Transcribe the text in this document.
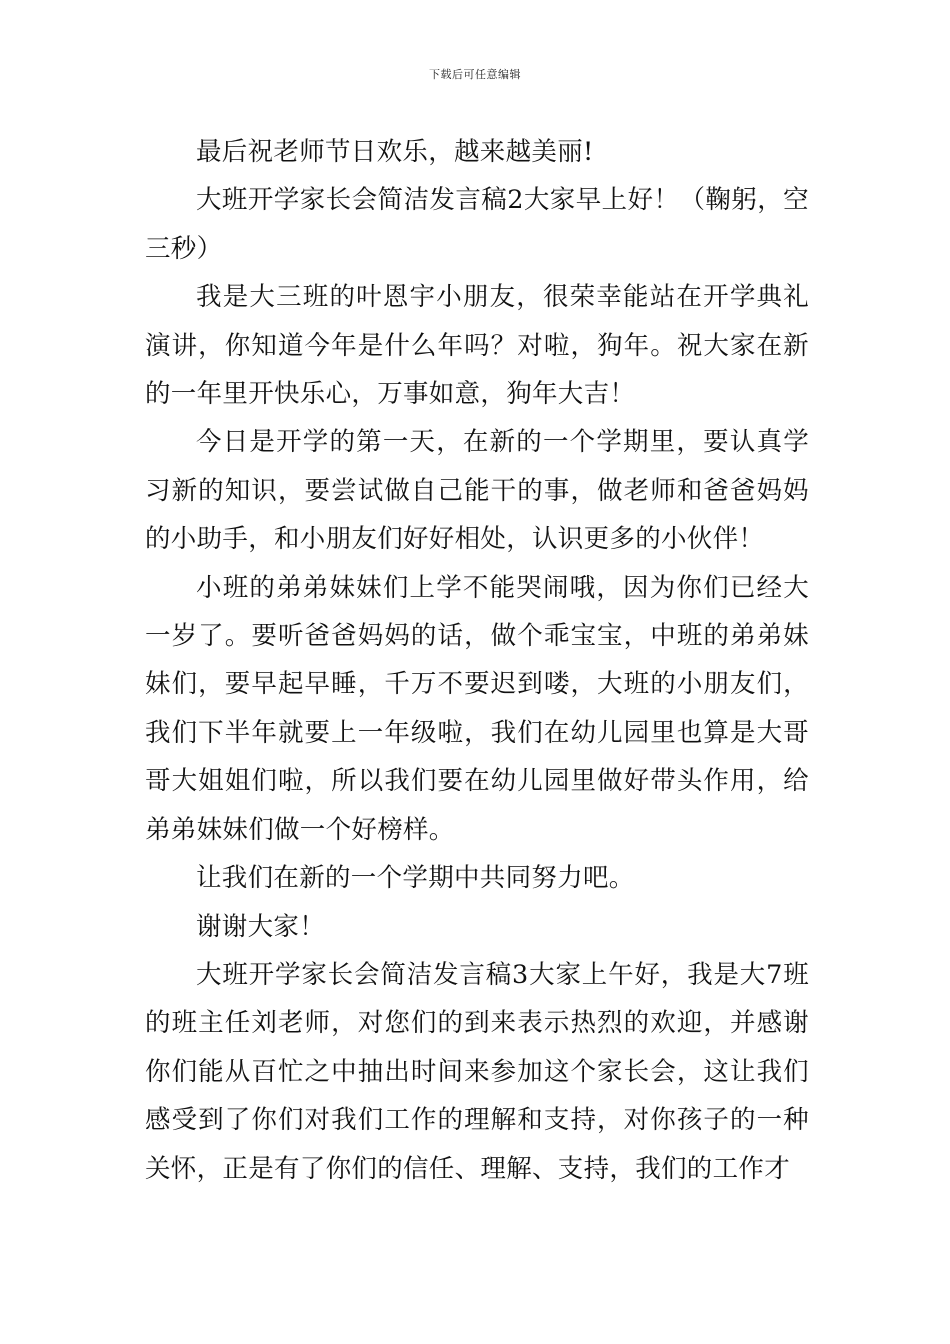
下载后可任意编辑

最后祝老师节日欢乐，越来越美丽!

大班开学家长会简洁发言稿2大家早上好！（鞠躬，空三秒）

我是大三班的叶恩宇小朋友，很荣幸能站在开学典礼演讲，你知道今年是什么年吗？对啦，狗年。祝大家在新的一年里开快乐心，万事如意，狗年大吉！

今日是开学的第一天，在新的一个学期里，要认真学习新的知识，要尝试做自己能干的事，做老师和爸爸妈妈的小助手，和小朋友们好好相处，认识更多的小伙伴！

小班的弟弟妹妹们上学不能哭闹哦，因为你们已经大一岁了。要听爸爸妈妈的话，做个乖宝宝，中班的弟弟妹妹们，要早起早睡，千万不要迟到喽，大班的小朋友们，我们下半年就要上一年级啦，我们在幼儿园里也算是大哥哥大姐姐们啦，所以我们要在幼儿园里做好带头作用，给弟弟妹妹们做一个好榜样。

让我们在新的一个学期中共同努力吧。

谢谢大家！

大班开学家长会简洁发言稿3大家上午好，我是大7班的班主任刘老师，对您们的到来表示热烈的欢迎，并感谢你们能从百忙之中抽出时间来参加这个家长会，这让我们感受到了你们对我们工作的理解和支持，对你孩子的一种关怀，正是有了你们的信任、理解、支持，我们的工作才
